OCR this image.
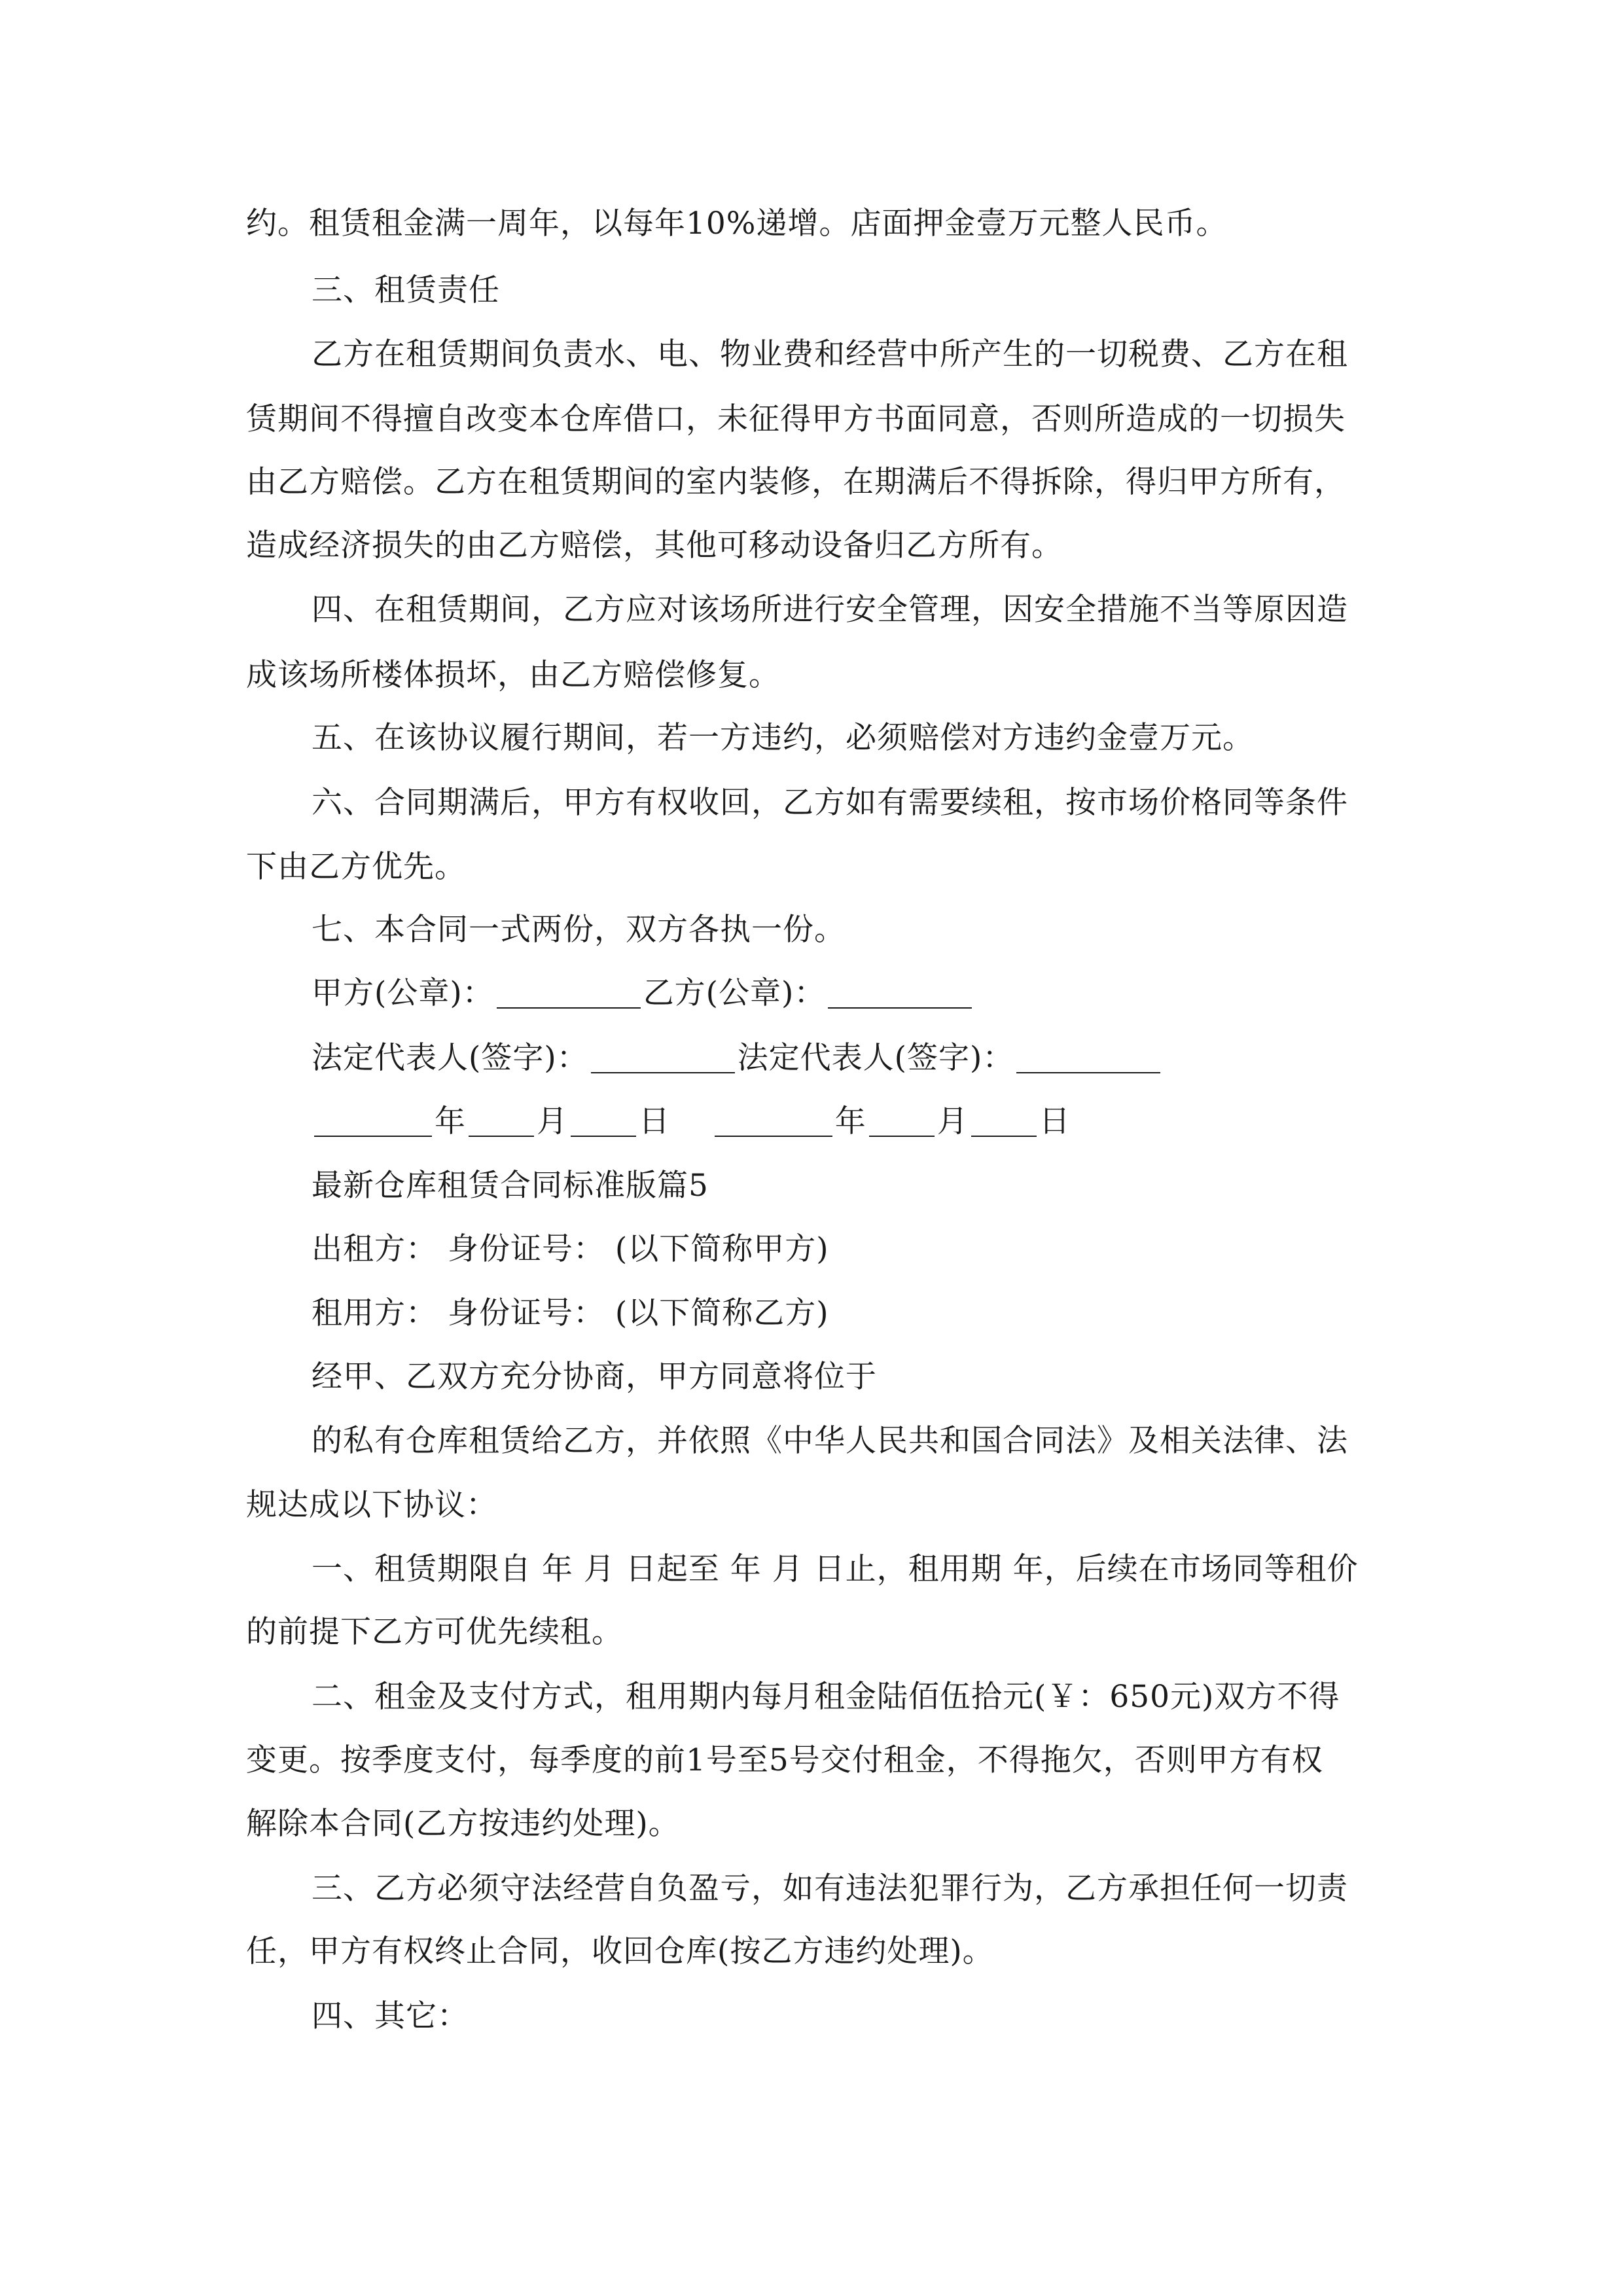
约。租赁租金满一周年，以每年10%递增。店面押金壹万元整人民币。
三、租赁责任
乙方在租赁期间负责水、电、物业费和经营中所产生的一切税费、乙方在租
赁期间不得擅自改变本仓库借口，未征得甲方书面同意，否则所造成的一切损失
由乙方赔偿。乙方在租赁期间的室内装修，在期满后不得拆除，得归甲方所有，
造成经济损失的由乙方赔偿，其他可移动设备归乙方所有。
四、在租赁期间，乙方应对该场所进行安全管理，因安全措施不当等原因造
成该场所楼体损坏，由乙方赔偿修复。
五、在该协议履行期间，若一方违约，必须赔偿对方违约金壹万元。
六、合同期满后，甲方有权收回，乙方如有需要续租，按市场价格同等条件
下由乙方优先。
七、本合同一式两份，双方各执一份。
甲方(公章)：	乙方(公章)：
法定代表人(签字)：	法定代表人(签字)：
年 月 日	年 月 日
最新仓库租赁合同标准版篇5
出租方： 身份证号： (以下简称甲方)
租用方： 身份证号： (以下简称乙方)
经甲、乙双方充分协商，甲方同意将位于
的私有仓库租赁给乙方，并依照《中华人民共和国合同法》及相关法律、法
规达成以下协议：
一、租赁期限自 年 月 日起至 年 月 日止，租用期 年，后续在市场同等租价
的前提下乙方可优先续租。
二、租金及支付方式，租用期内每月租金陆佰伍拾元(￥：650元)双方不得
变更。按季度支付，每季度的前1号至5号交付租金，不得拖欠，否则甲方有权
解除本合同(乙方按违约处理)。
三、乙方必须守法经营自负盈亏，如有违法犯罪行为，乙方承担任何一切责
任，甲方有权终止合同，收回仓库(按乙方违约处理)。
四、其它：
